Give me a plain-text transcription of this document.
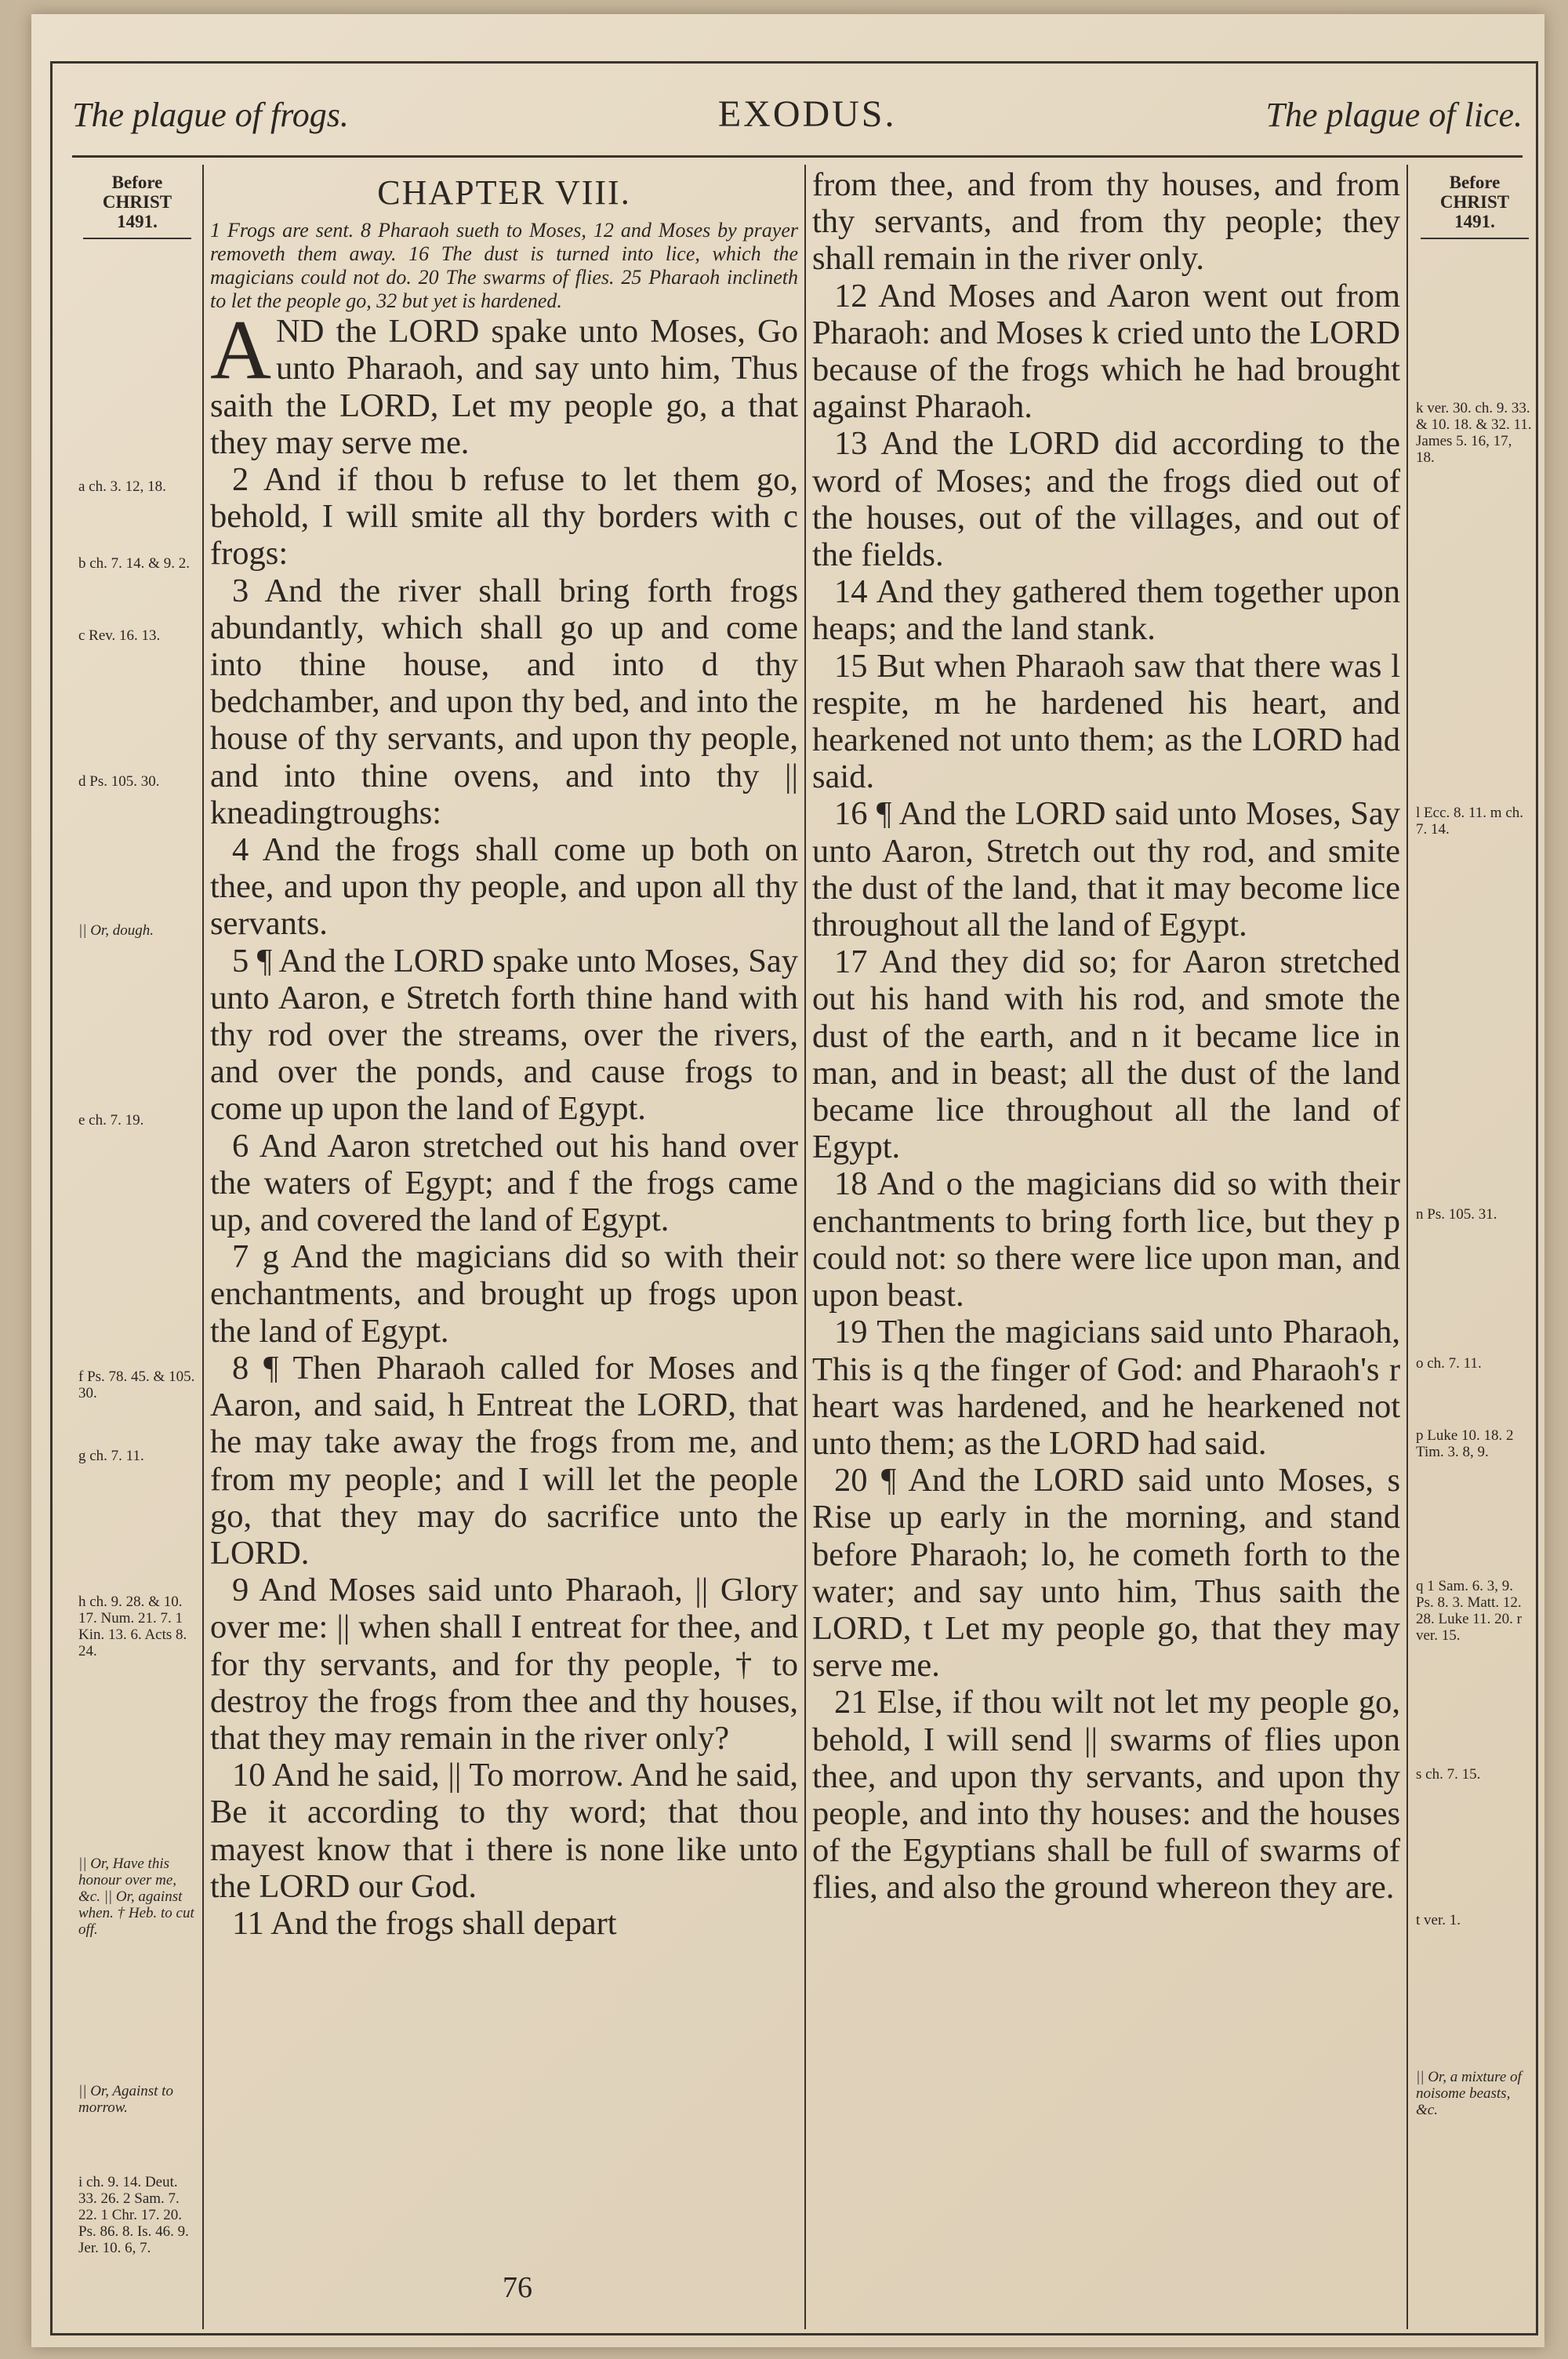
The plague of frogs.	EXODUS.	The plague of lice.
Before
CHRIST
1491.
a ch. 3. 12, 18.
b ch. 7. 14. & 9. 2.
c Rev. 16. 13.
d Ps. 105. 30.
|| Or, dough.
e ch. 7. 19.
f Ps. 78. 45. & 105. 30.
g ch. 7. 11.
h ch. 9. 28. & 10. 17. Num. 21. 7. 1 Kin. 13. 6. Acts 8. 24.
|| Or, Have this honour over me, &c. || Or, against when. † Heb. to cut off.
|| Or, Against to morrow.
i ch. 9. 14. Deut. 33. 26. 2 Sam. 7. 22. 1 Chr. 17. 20. Ps. 86. 8. Is. 46. 9. Jer. 10. 6, 7.
Before
CHRIST
1491.
k ver. 30. ch. 9. 33. & 10. 18. & 32. 11. James 5. 16, 17, 18.
l Ecc. 8. 11. m ch. 7. 14.
n Ps. 105. 31.
o ch. 7. 11.
p Luke 10. 18. 2 Tim. 3. 8, 9.
q 1 Sam. 6. 3, 9. Ps. 8. 3. Matt. 12. 28. Luke 11. 20. r ver. 15.
s ch. 7. 15.
t ver. 1.
|| Or, a mixture of noisome beasts, &c.
CHAPTER VIII.

1 Frogs are sent. 8 Pharaoh sueth to Moses, 12 and Moses by prayer removeth them away. 16 The dust is turned into lice, which the magicians could not do. 20 The swarms of flies. 25 Pharaoh inclineth to let the people go, 32 but yet is hardened.

A ND the LORD spake unto Moses, Go unto Pharaoh, and say unto him, Thus saith the LORD, Let my people go, a that they may serve me.

2 And if thou b refuse to let them go, behold, I will smite all thy borders with c frogs:

3 And the river shall bring forth frogs abundantly, which shall go up and come into thine house, and into d thy bedchamber, and upon thy bed, and into the house of thy servants, and upon thy people, and into thine ovens, and into thy || kneadingtroughs:

4 And the frogs shall come up both on thee, and upon thy people, and upon all thy servants.

5 ¶ And the LORD spake unto Moses, Say unto Aaron, e Stretch forth thine hand with thy rod over the streams, over the rivers, and over the ponds, and cause frogs to come up upon the land of Egypt.

6 And Aaron stretched out his hand over the waters of Egypt; and f the frogs came up, and covered the land of Egypt.

7 g And the magicians did so with their enchantments, and brought up frogs upon the land of Egypt.

8 ¶ Then Pharaoh called for Moses and Aaron, and said, h Entreat the LORD, that he may take away the frogs from me, and from my people; and I will let the people go, that they may do sacrifice unto the LORD.

9 And Moses said unto Pharaoh, || Glory over me: || when shall I entreat for thee, and for thy servants, and for thy people, † to destroy the frogs from thee and thy houses, that they may remain in the river only?

10 And he said, || To morrow. And he said, Be it according to thy word; that thou mayest know that i there is none like unto the LORD our God.

11 And the frogs shall depart

from thee, and from thy houses, and from thy servants, and from thy people; they shall remain in the river only.

12 And Moses and Aaron went out from Pharaoh: and Moses k cried unto the LORD because of the frogs which he had brought against Pharaoh.

13 And the LORD did according to the word of Moses; and the frogs died out of the houses, out of the villages, and out of the fields.

14 And they gathered them together upon heaps; and the land stank.

15 But when Pharaoh saw that there was l respite, m he hardened his heart, and hearkened not unto them; as the LORD had said.

16 ¶ And the LORD said unto Moses, Say unto Aaron, Stretch out thy rod, and smite the dust of the land, that it may become lice throughout all the land of Egypt.

17 And they did so; for Aaron stretched out his hand with his rod, and smote the dust of the earth, and n it became lice in man, and in beast; all the dust of the land became lice throughout all the land of Egypt.

18 And o the magicians did so with their enchantments to bring forth lice, but they p could not: so there were lice upon man, and upon beast.

19 Then the magicians said unto Pharaoh, This is q the finger of God: and Pharaoh's r heart was hardened, and he hearkened not unto them; as the LORD had said.

20 ¶ And the LORD said unto Moses, s Rise up early in the morning, and stand before Pharaoh; lo, he cometh forth to the water; and say unto him, Thus saith the LORD, t Let my people go, that they may serve me.

21 Else, if thou wilt not let my people go, behold, I will send || swarms of flies upon thee, and upon thy servants, and upon thy people, and into thy houses: and the houses of the Egyptians shall be full of swarms of flies, and also the ground whereon they are.

76
